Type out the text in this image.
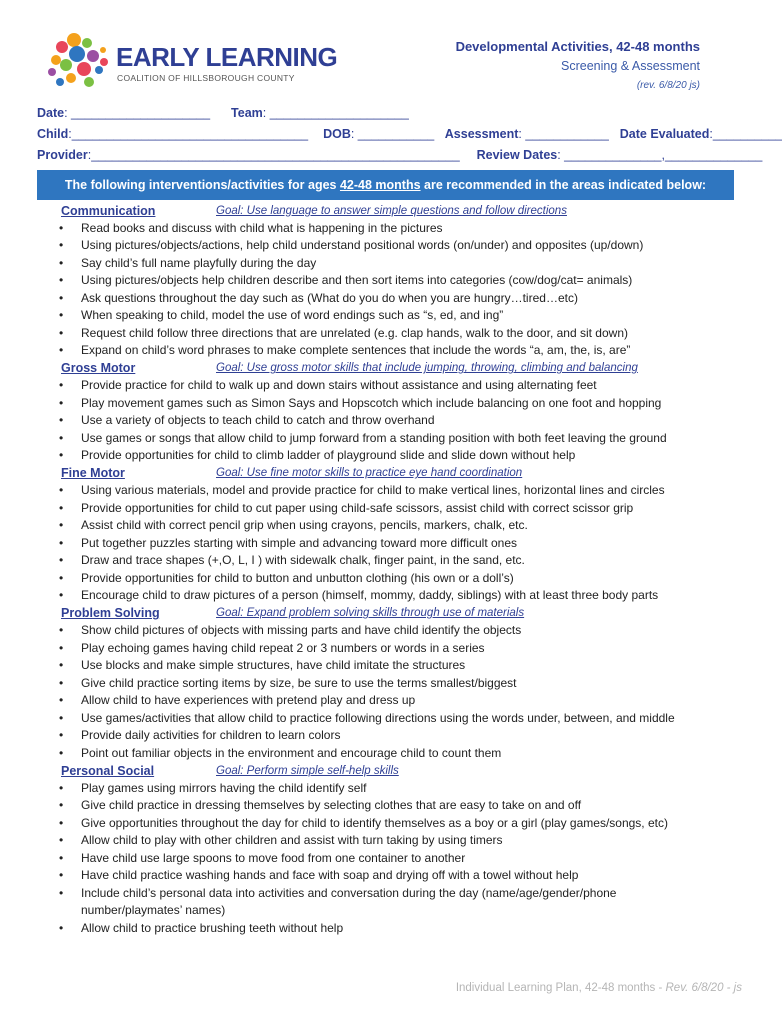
EARLY LEARNING
COALITION OF HILLSBOROUGH COUNTY
Developmental Activities, 42-48 months
Screening & Assessment
(rev. 6/8/20 js)
Date: ____________________ Team: ____________________
Child:__________________________________ DOB: ___________ Assessment: ____________ Date Evaluated:__________
Provider:_____________________________________________________ Review Dates: ______________,______________
The following interventions/activities for ages
42-48 months
are recommended in the areas indicated below:
Communication	Goal: Use language to answer simple questions and follow directions
• Read books and discuss with child what is happening in the pictures
• Using pictures/objects/actions, help child understand positional words (on/under) and opposites (up/down)
• Say child’s full name playfully during the day
• Using pictures/objects help children describe and then sort items into categories (cow/dog/cat= animals)
• Ask questions throughout the day such as (What do you do when you are hungry…tired…etc)
• When speaking to child, model the use of word endings such as “s, ed, and ing”
• Request child follow three directions that are unrelated (e.g. clap hands, walk to the door, and sit down)
• Expand on child’s word phrases to make complete sentences that include the words “a, am, the, is, are”
Gross Motor	Goal: Use gross motor skills that include jumping, throwing, climbing and balancing
• Provide practice for child to walk up and down stairs without assistance and using alternating feet
• Play movement games such as Simon Says and Hopscotch which include balancing on one foot and hopping
• Use a variety of objects to teach child to catch and throw overhand
• Use games or songs that allow child to jump forward from a standing position with both feet leaving the ground
• Provide opportunities for child to climb ladder of playground slide and slide down without help
Fine Motor	Goal: Use fine motor skills to practice eye hand coordination
• Using various materials, model and provide practice for child to make vertical lines, horizontal lines and circles
• Provide opportunities for child to cut paper using child-safe scissors, assist child with correct scissor grip
• Assist child with correct pencil grip when using crayons, pencils, markers, chalk, etc.
• Put together puzzles starting with simple and advancing toward more difficult ones
• Draw and trace shapes (+,O, L, I ) with sidewalk chalk, finger paint, in the sand, etc.
• Provide opportunities for child to button and unbutton clothing (his own or a doll’s)
• Encourage child to draw pictures of a person (himself, mommy, daddy, siblings) with at least three body parts
Problem Solving	Goal: Expand problem solving skills through use of materials
• Show child pictures of objects with missing parts and have child identify the objects
• Play echoing games having child repeat 2 or 3 numbers or words in a series
• Use blocks and make simple structures, have child imitate the structures
• Give child practice sorting items by size, be sure to use the terms smallest/biggest
• Allow child to have experiences with pretend play and dress up
• Use games/activities that allow child to practice following directions using the words under, between, and middle
• Provide daily activities for children to learn colors
• Point out familiar objects in the environment and encourage child to count them
Personal Social	Goal: Perform simple self-help skills
• Play games using mirrors having the child identify self
• Give child practice in dressing themselves by selecting clothes that are easy to take on and off
• Give opportunities throughout the day for child to identify themselves as a boy or a girl (play games/songs, etc)
• Allow child to play with other children and assist with turn taking by using timers
• Have child use large spoons to move food from one container to another
• Have child practice washing hands and face with soap and drying off with a towel without help
• Include child’s personal data into activities and conversation during the day (name/age/gender/phone number/playmates’ names)
• Allow child to practice brushing teeth without help
Individual Learning Plan, 42-48 months - Rev. 6/8/20 - js
